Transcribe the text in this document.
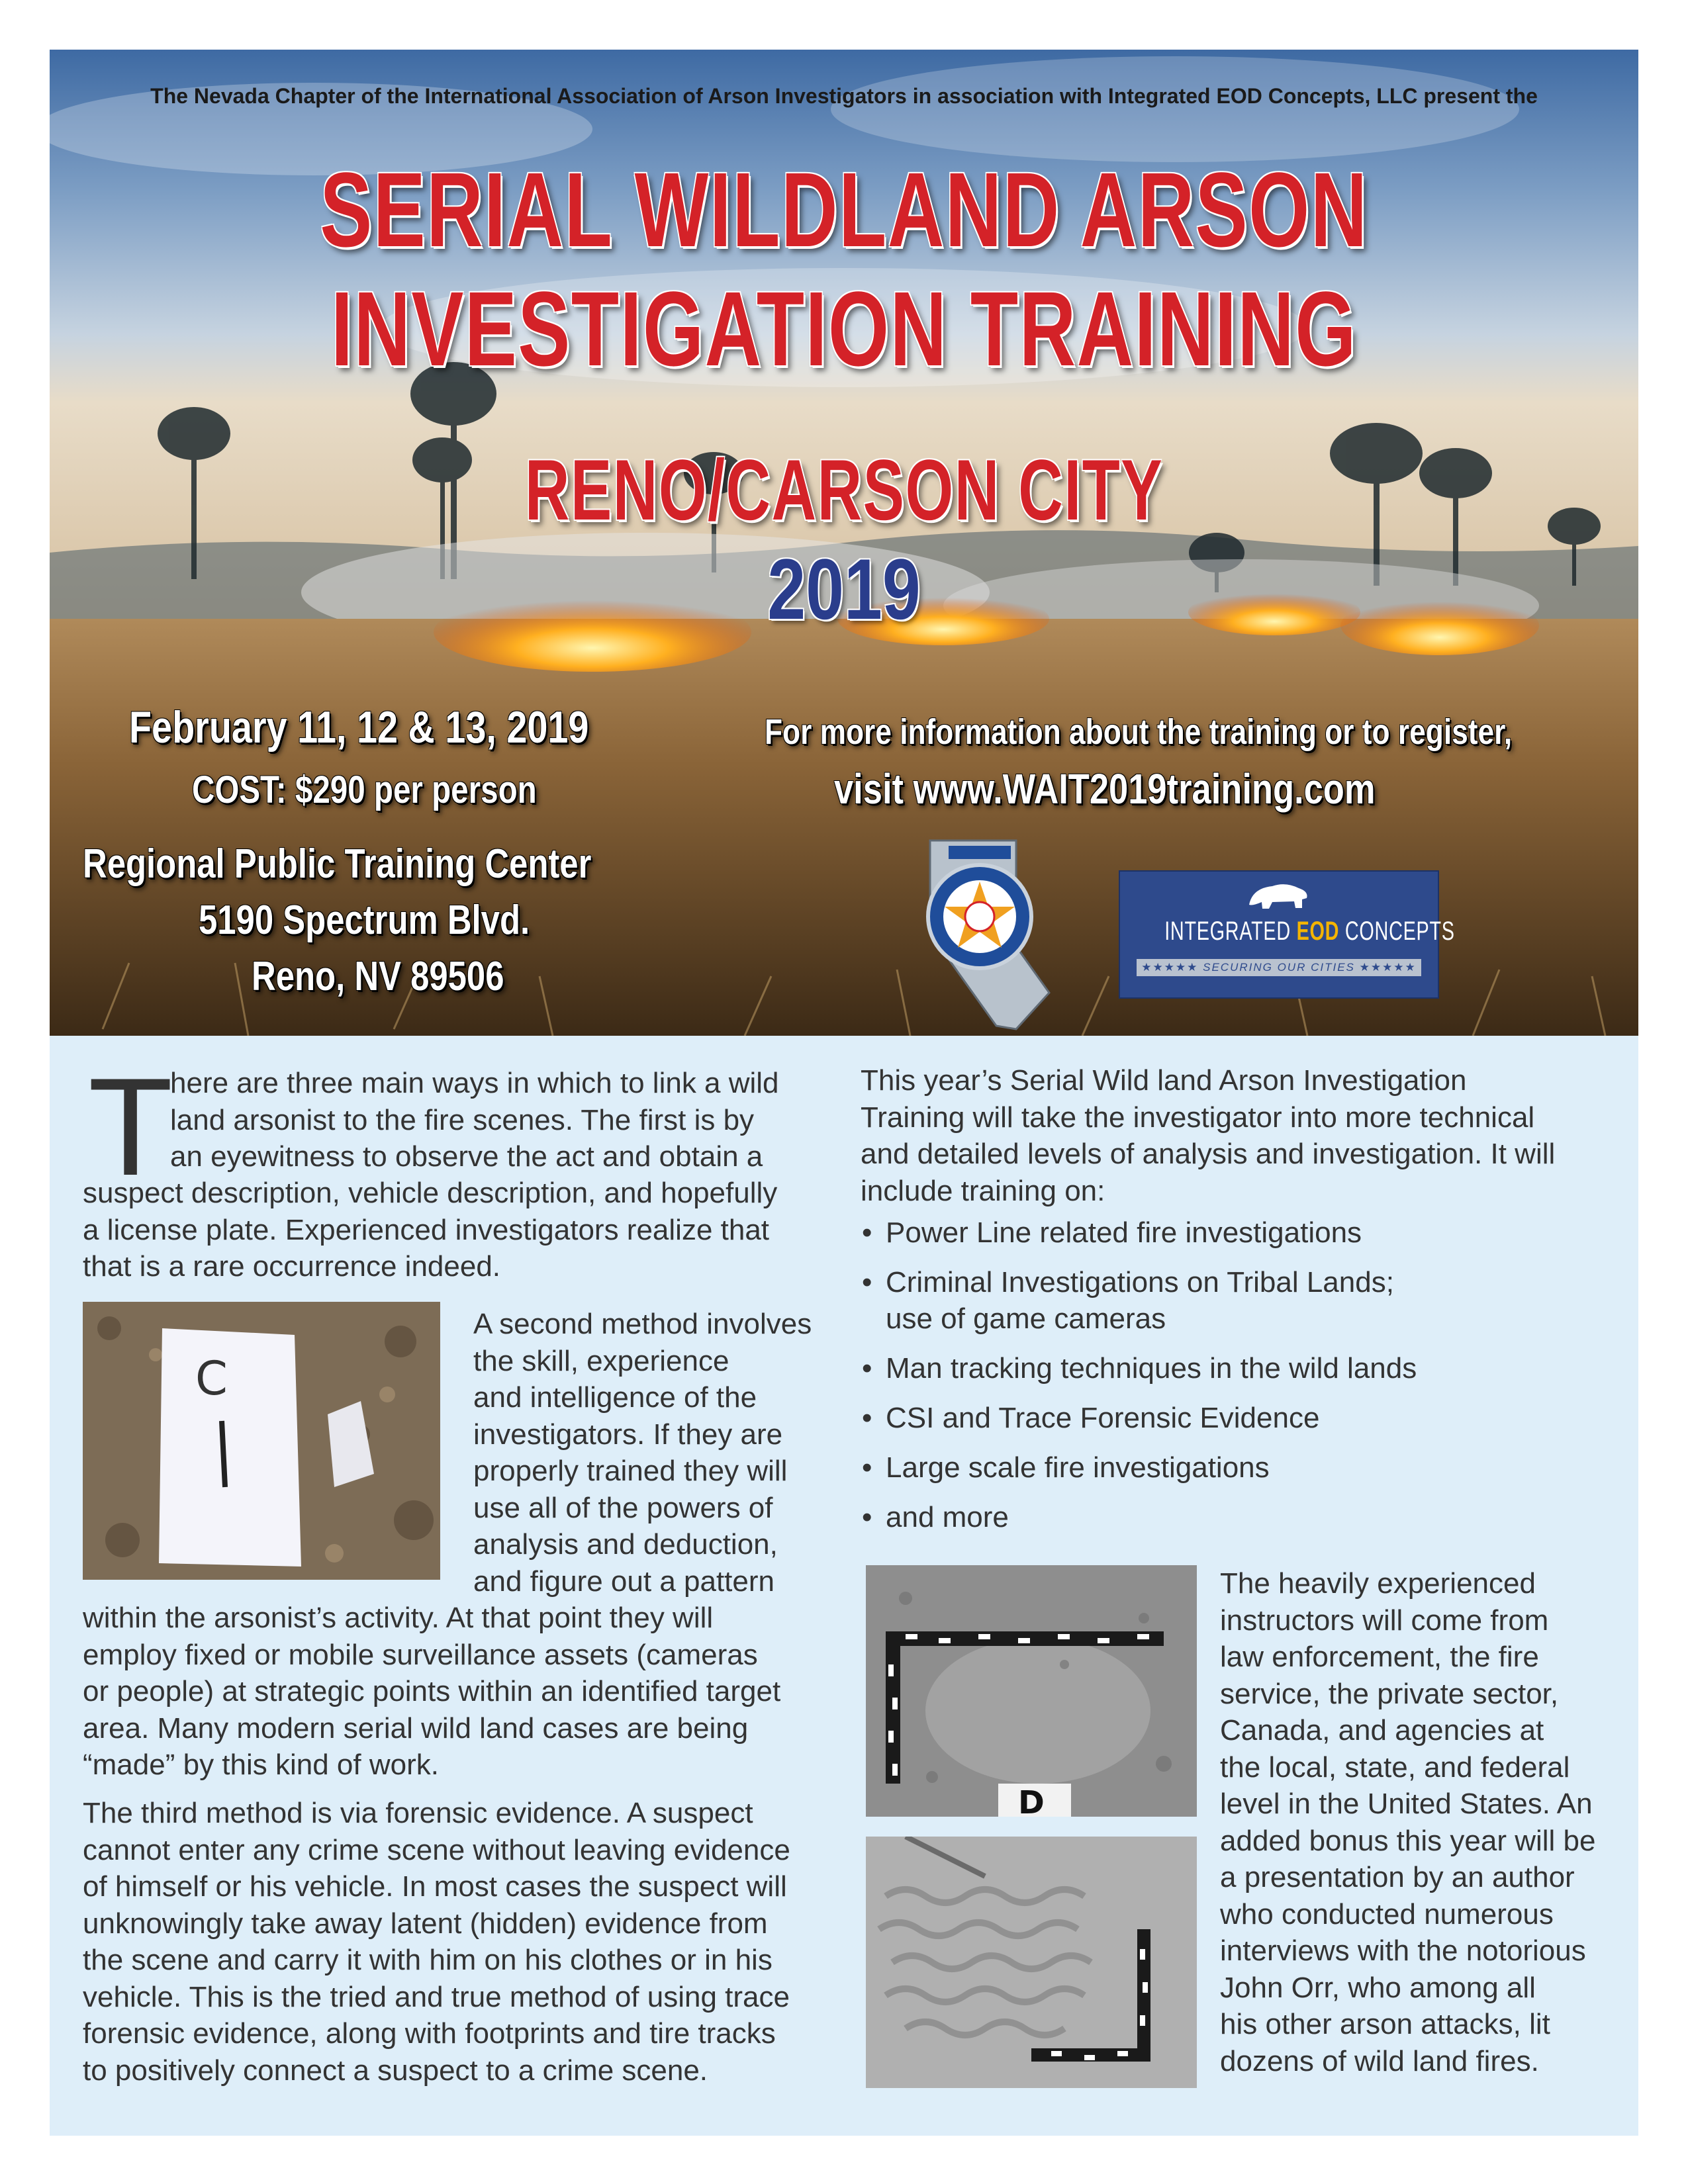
The Nevada Chapter of the International Association of Arson Investigators in association with Integrated EOD Concepts, LLC present the
SERIAL WILDLAND ARSON
INVESTIGATION TRAINING
RENO/CARSON CITY
2019
February 11, 12 & 13, 2019
COST: $290 per person
Regional Public Training Center
5190 Spectrum Blvd.
Reno, NV 89506
For more information about the training or to register,
visit www.WAIT2019training.com
INTEGRATED EOD CONCEPTS
★★★★★ SECURING OUR CITIES ★★★★★
T

here are three main ways in which to link a wild

land arsonist to the fire scenes. The first is by

an eyewitness to observe the act and obtain a

suspect description, vehicle description, and hopefully

a license plate. Experienced investigators realize that

that is a rare occurrence indeed.

C

A second method involves

the skill, experience

and intelligence of the

investigators. If they are

properly trained they will

use all of the powers of

analysis and deduction,

and figure out a pattern

within the arsonist’s activity. At that point they will

employ fixed or mobile surveillance assets (cameras

or people) at strategic points within an identified target

area. Many modern serial wild land cases are being

“made” by this kind of work.

The third method is via forensic evidence. A suspect

cannot enter any crime scene without leaving evidence

of himself or his vehicle. In most cases the suspect will

unknowingly take away latent (hidden) evidence from

the scene and carry it with him on his clothes or in his

vehicle. This is the tried and true method of using trace

forensic evidence, along with footprints and tire tracks

to positively connect a suspect to a crime scene.

This year’s Serial Wild land Arson Investigation

Training will take the investigator into more technical

and detailed levels of analysis and investigation. It will

include training on:

• Power Line related fire investigations
• Criminal Investigations on Tribal Lands;
use of game cameras
• Man tracking techniques in the wild lands
• CSI and Trace Forensic Evidence
• Large scale fire investigations
• and more
D

The heavily experienced

instructors will come from

law enforcement, the fire

service, the private sector,

Canada, and agencies at

the local, state, and federal

level in the United States. An

added bonus this year will be

a presentation by an author

who conducted numerous

interviews with the notorious

John Orr, who among all

his other arson attacks, lit

dozens of wild land fires.
